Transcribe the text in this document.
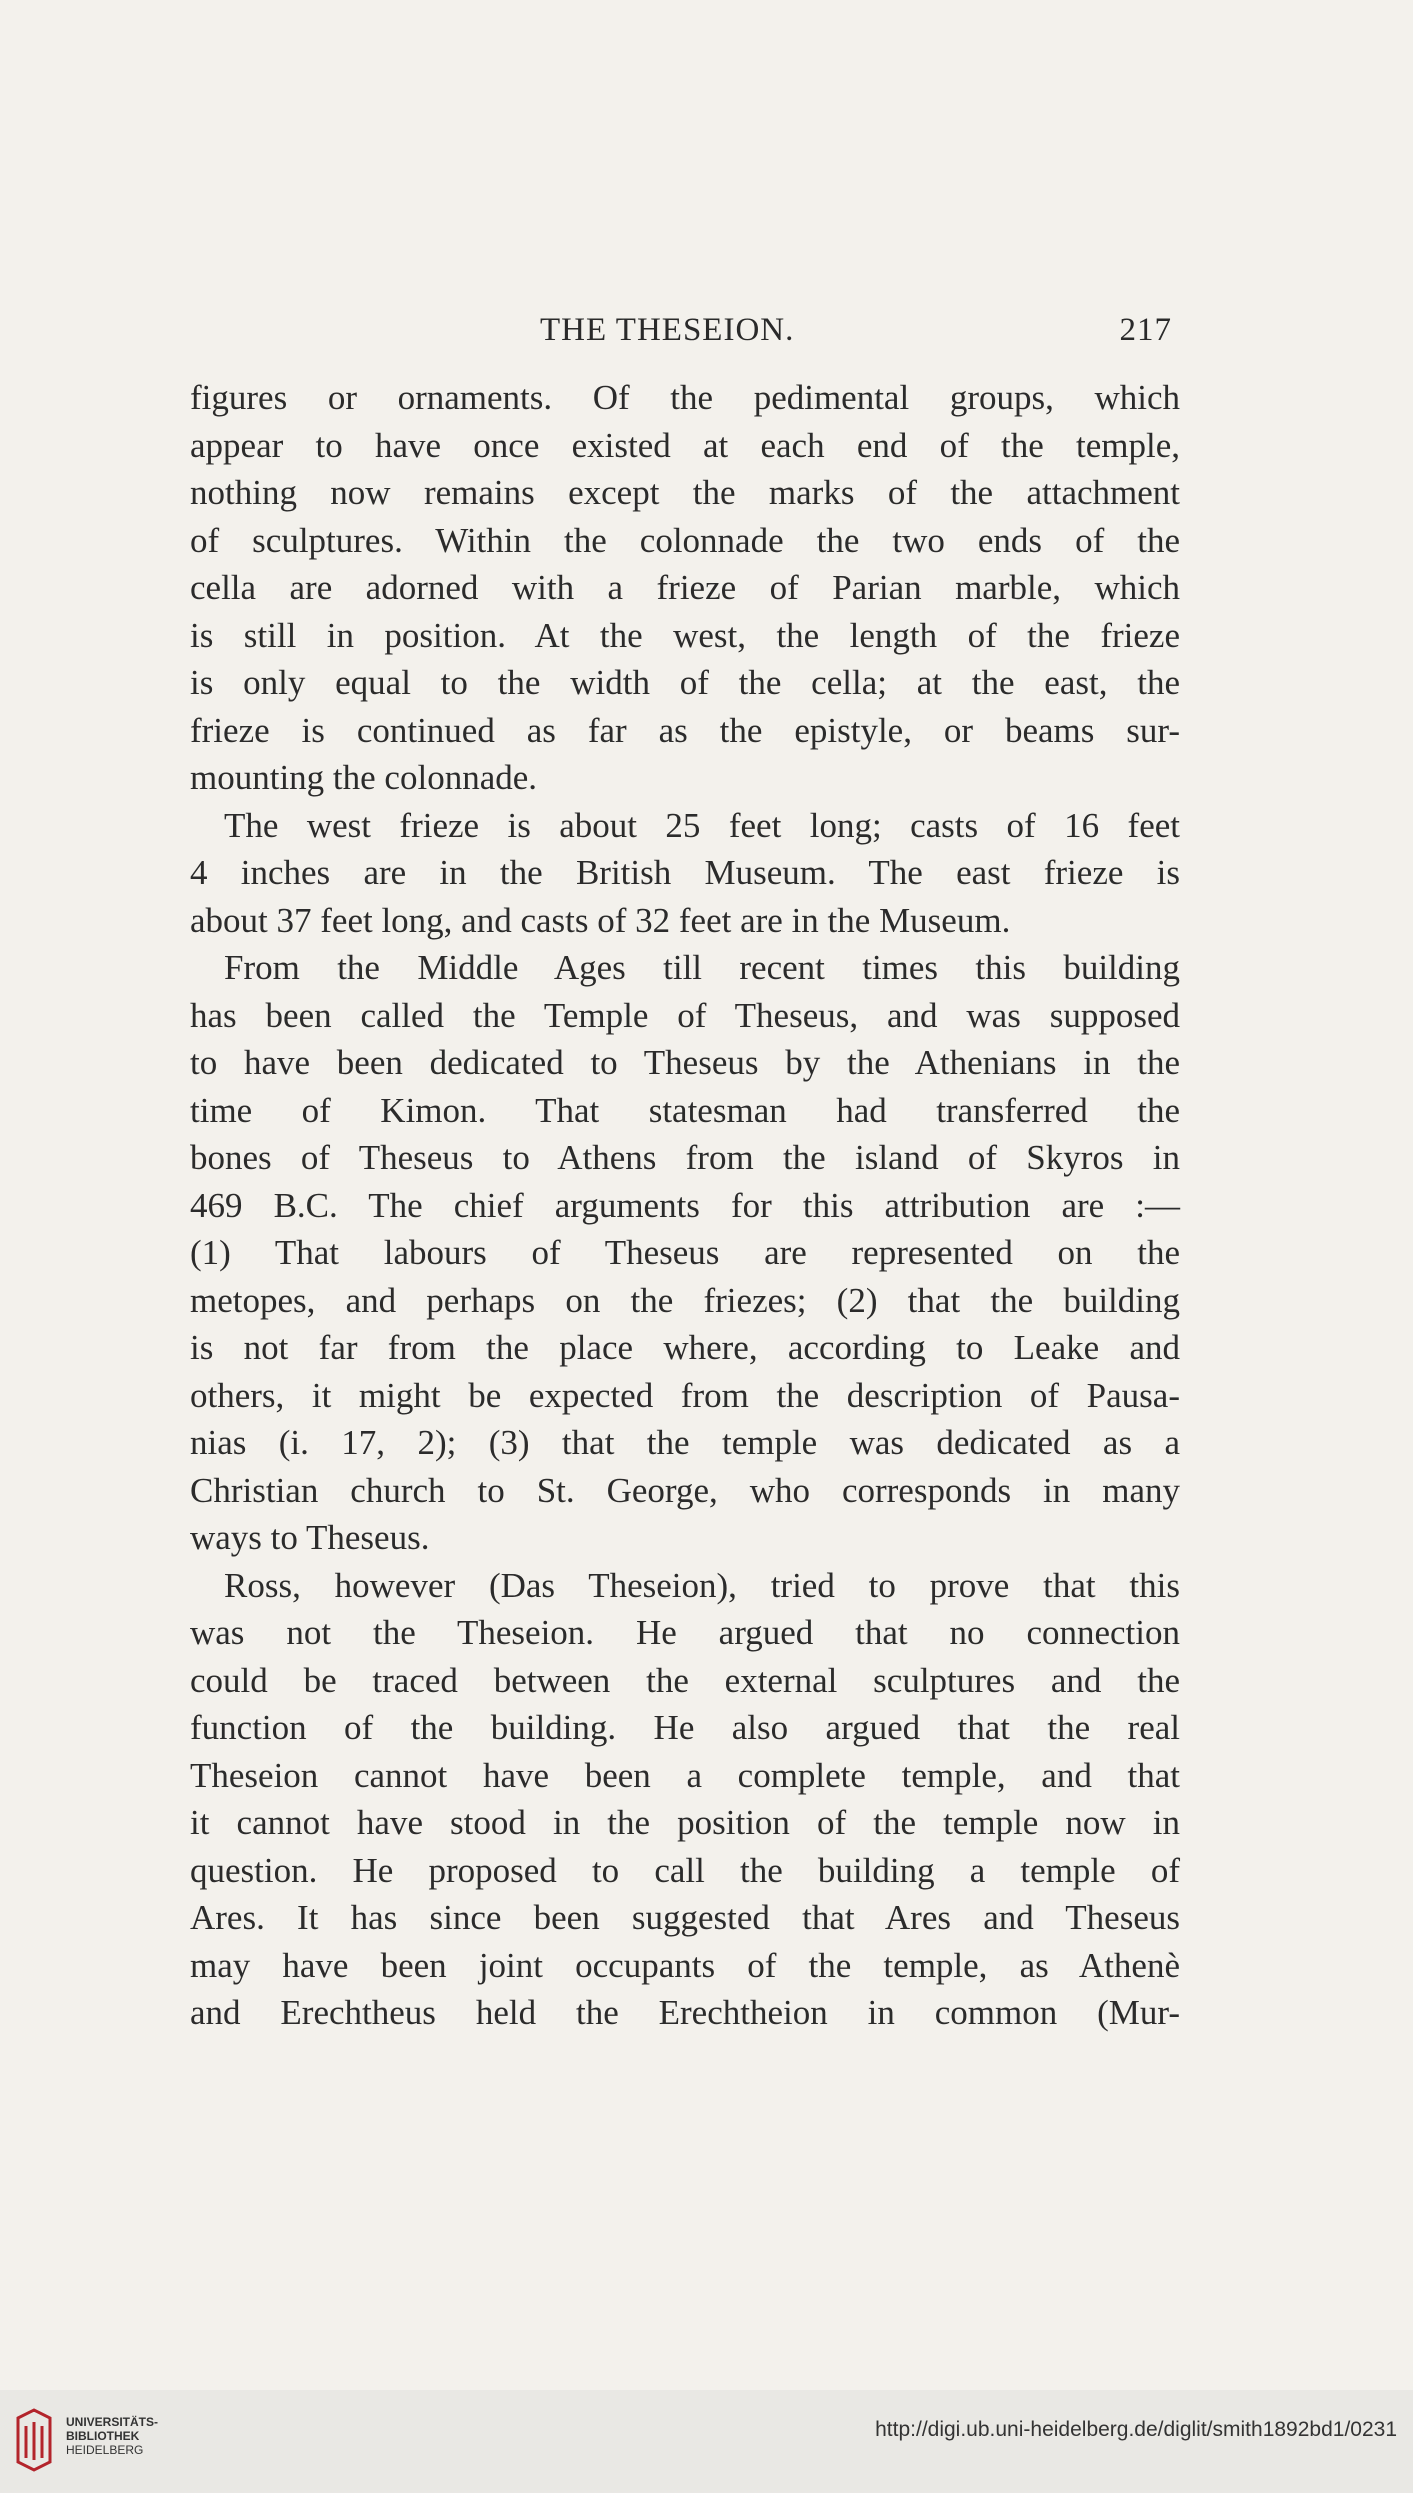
THE THESEION.	217
figures or ornaments. Of the pedimental groups, which
appear to have once existed at each end of the temple,
nothing now remains except the marks of the attachment
of sculptures. Within the colonnade the two ends of the
cella are adorned with a frieze of Parian marble, which
is still in position. At the west, the length of the frieze
is only equal to the width of the cella; at the east, the
frieze is continued as far as the epistyle, or beams sur-
mounting the colonnade.
The west frieze is about 25 feet long; casts of 16 feet
4 inches are in the British Museum. The east frieze is
about 37 feet long, and casts of 32 feet are in the Museum.
From the Middle Ages till recent times this building
has been called the Temple of Theseus, and was supposed
to have been dedicated to Theseus by the Athenians in the
time of Kimon. That statesman had transferred the
bones of Theseus to Athens from the island of Skyros in
469 B.C. The chief arguments for this attribution are :—
(1) That labours of Theseus are represented on the
metopes, and perhaps on the friezes; (2) that the building
is not far from the place where, according to Leake and
others, it might be expected from the description of Pausa-
nias (i. 17, 2); (3) that the temple was dedicated as a
Christian church to St. George, who corresponds in many
ways to Theseus.
Ross, however (Das Theseion), tried to prove that this
was not the Theseion. He argued that no connection
could be traced between the external sculptures and the
function of the building. He also argued that the real
Theseion cannot have been a complete temple, and that
it cannot have stood in the position of the temple now in
question. He proposed to call the building a temple of
Ares. It has since been suggested that Ares and Theseus
may have been joint occupants of the temple, as Athenè
and Erechtheus held the Erechtheion in common (Mur-
UNIVERSITÄTS-
BIBLIOTHEK
HEIDELBERG
http://digi.ub.uni-heidelberg.de/diglit/smith1892bd1/0231
